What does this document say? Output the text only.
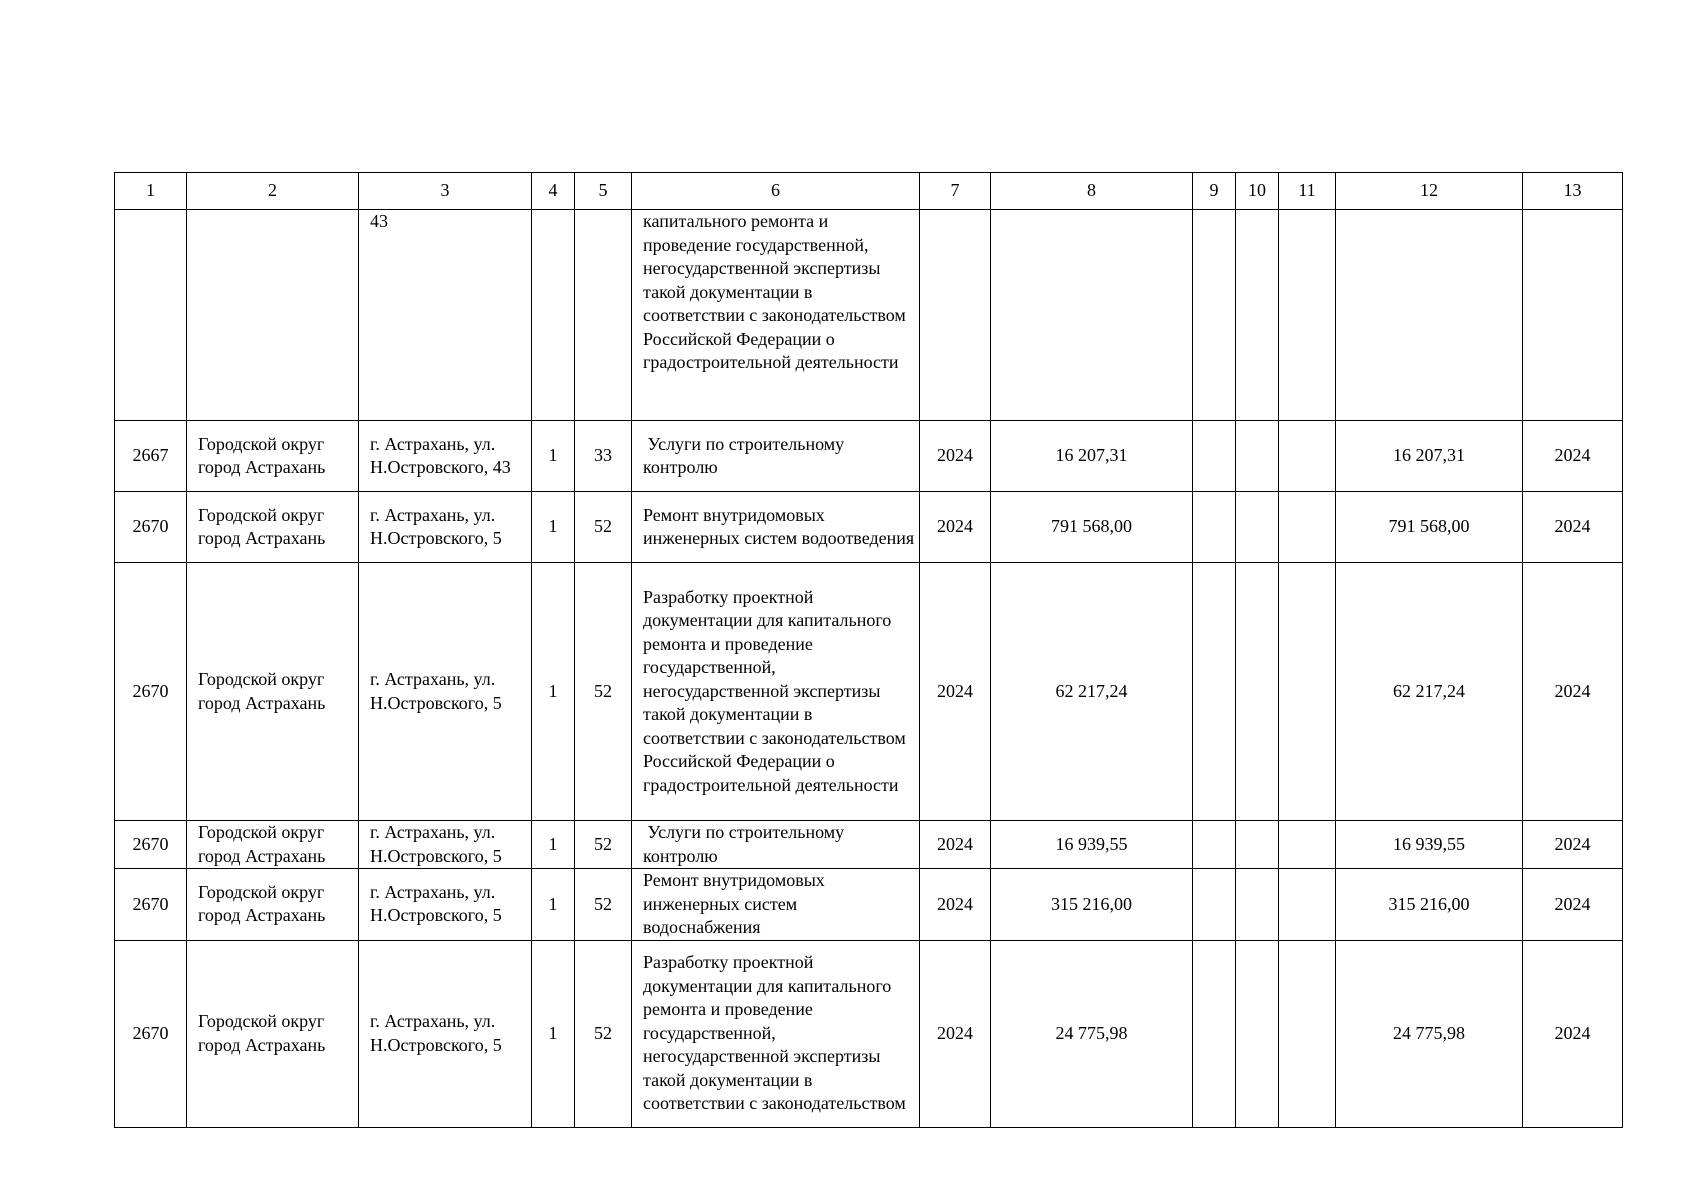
1	2	3	4	5	6	7	8	9	10	11	12	13
		43			капитального ремонта и проведение государственной, негосударственной экспертизы такой документации в соответствии с законодательством Российской Федерации о градостроительной деятельности							
2667	Городской округ город Астрахань	г. Астрахань, ул. Н.Островского, 43	1	33	Услуги по строительному контролю	2024	16 207,31				16 207,31	2024
2670	Городской округ город Астрахань	г. Астрахань, ул. Н.Островского, 5	1	52	Ремонт внутридомовых инженерных систем водоотведения	2024	791 568,00				791 568,00	2024
2670	Городской округ город Астрахань	г. Астрахань, ул. Н.Островского, 5	1	52	Разработку проектной документации для капитального ремонта и проведение государственной, негосударственной экспертизы такой документации в соответствии с законодательством Российской Федерации о градостроительной деятельности	2024	62 217,24				62 217,24	2024
2670	Городской округ город Астрахань	г. Астрахань, ул. Н.Островского, 5	1	52	Услуги по строительному контролю	2024	16 939,55				16 939,55	2024
2670	Городской округ город Астрахань	г. Астрахань, ул. Н.Островского, 5	1	52	Ремонт внутридомовых инженерных систем водоснабжения	2024	315 216,00				315 216,00	2024
2670	Городской округ город Астрахань	г. Астрахань, ул. Н.Островского, 5	1	52	Разработку проектной документации для капитального ремонта и проведение государственной, негосударственной экспертизы такой документации в соответствии с законодательством	2024	24 775,98				24 775,98	2024
